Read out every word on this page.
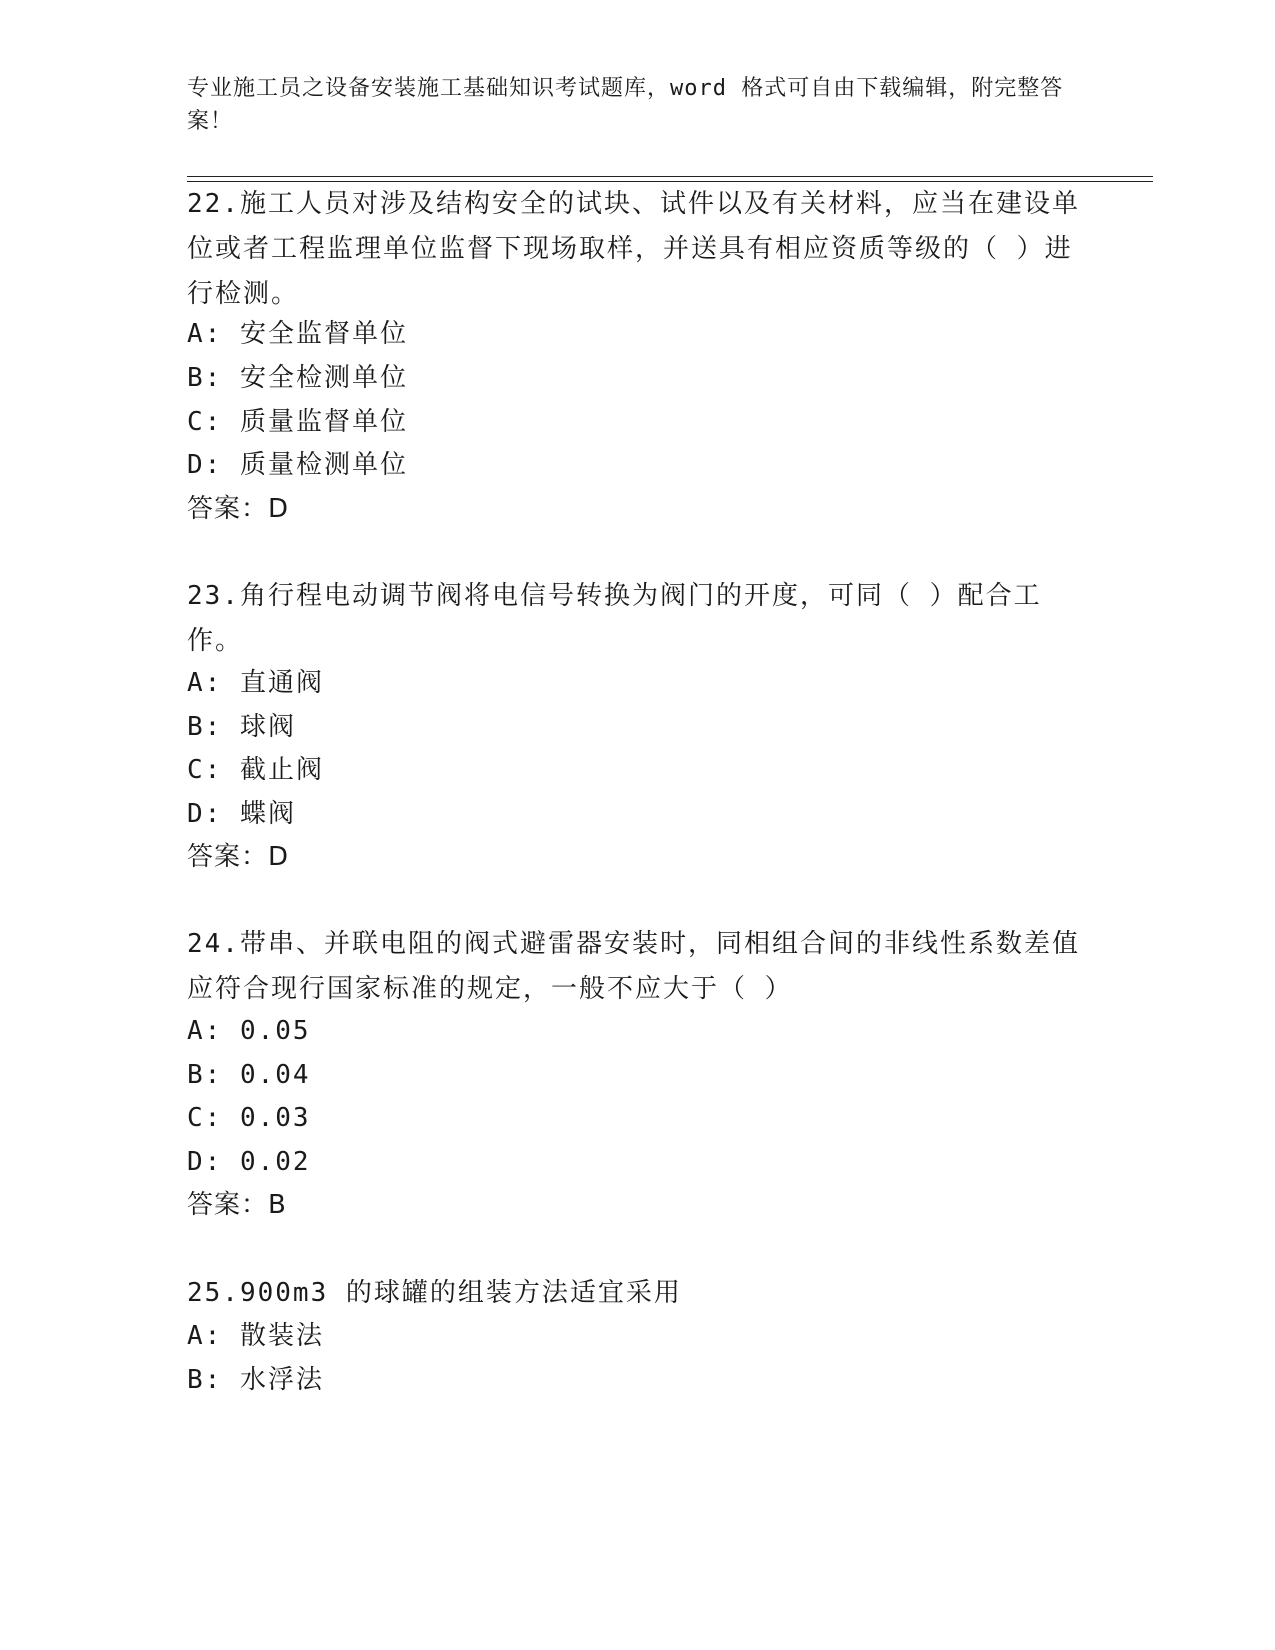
专业施工员之设备安装施工基础知识考试题库，word 格式可自由下载编辑，附完整答案！
22.施工人员对涉及结构安全的试块、试件以及有关材料，应当在建设单位或者工程监理单位监督下现场取样，并送具有相应资质等级的（ ）进行检测。
A: 安全监督单位
B: 安全检测单位
C: 质量监督单位
D: 质量检测单位
答案：D
23.角行程电动调节阀将电信号转换为阀门的开度，可同（ ）配合工作。
A: 直通阀
B: 球阀
C: 截止阀
D: 蝶阀
答案：D
24.带串、并联电阻的阀式避雷器安装时，同相组合间的非线性系数差值应符合现行国家标准的规定，一般不应大于（ ）
A: 0.05
B: 0.04
C: 0.03
D: 0.02
答案：B
25.900m3 的球罐的组装方法适宜采用
A: 散装法
B: 水浮法
